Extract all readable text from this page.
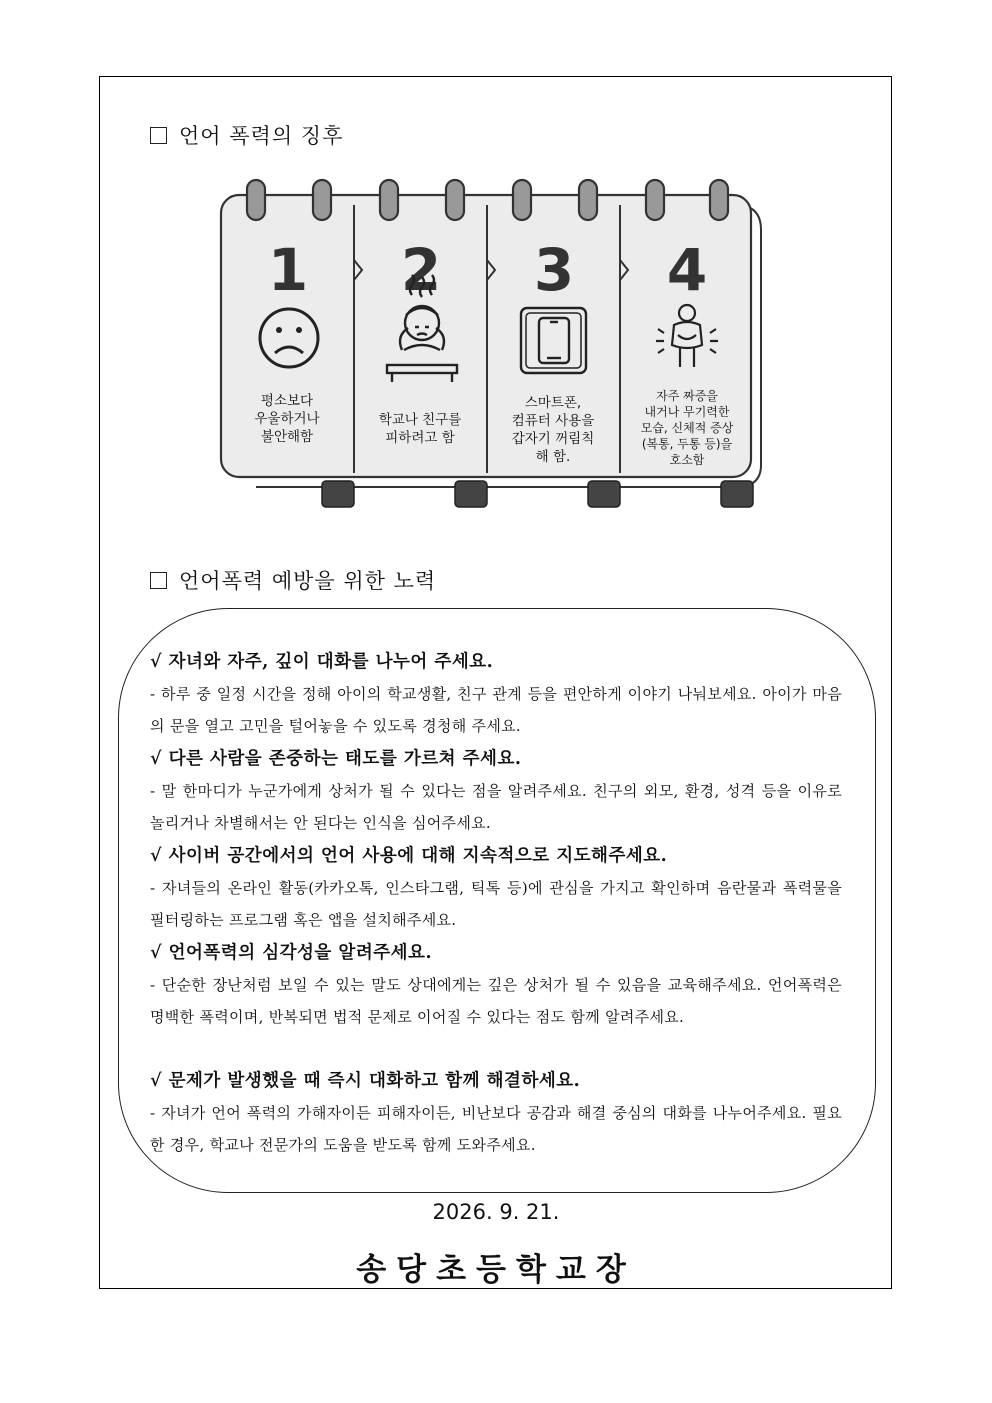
언어 폭력의 징후
1 2 3 4
평소보다
우울하거나
불안해함
학교나 친구를
피하려고 함
스마트폰,
컴퓨터 사용을
갑자기 꺼림칙
해 함.
자주 짜증을
내거나 무기력한
모습, 신체적 증상
(복통, 두통 등)을
호소함
언어폭력 예방을 위한 노력
√ 자녀와 자주, 깊이 대화를 나누어 주세요.
- 하루 중 일정 시간을 정해 아이의 학교생활, 친구 관계 등을 편안하게 이야기 나눠보세요. 아이가 마음의 문을 열고 고민을 털어놓을 수 있도록 경청해 주세요.
√ 다른 사람을 존중하는 태도를 가르쳐 주세요.
- 말 한마디가 누군가에게 상처가 될 수 있다는 점을 알려주세요. 친구의 외모, 환경, 성격 등을 이유로 놀리거나 차별해서는 안 된다는 인식을 심어주세요.
√ 사이버 공간에서의 언어 사용에 대해 지속적으로 지도해주세요.
- 자녀들의 온라인 활동(카카오톡, 인스타그램, 틱톡 등)에 관심을 가지고 확인하며 음란물과 폭력물을 필터링하는 프로그램 혹은 앱을 설치해주세요.
√ 언어폭력의 심각성을 알려주세요.
- 단순한 장난처럼 보일 수 있는 말도 상대에게는 깊은 상처가 될 수 있음을 교육해주세요. 언어폭력은 명백한 폭력이며, 반복되면 법적 문제로 이어질 수 있다는 점도 함께 알려주세요.
√ 문제가 발생했을 때 즉시 대화하고 함께 해결하세요.
- 자녀가 언어 폭력의 가해자이든 피해자이든, 비난보다 공감과 해결 중심의 대화를 나누어주세요. 필요한 경우, 학교나 전문가의 도움을 받도록 함께 도와주세요.
2026. 9. 21.
송당초등학교장
